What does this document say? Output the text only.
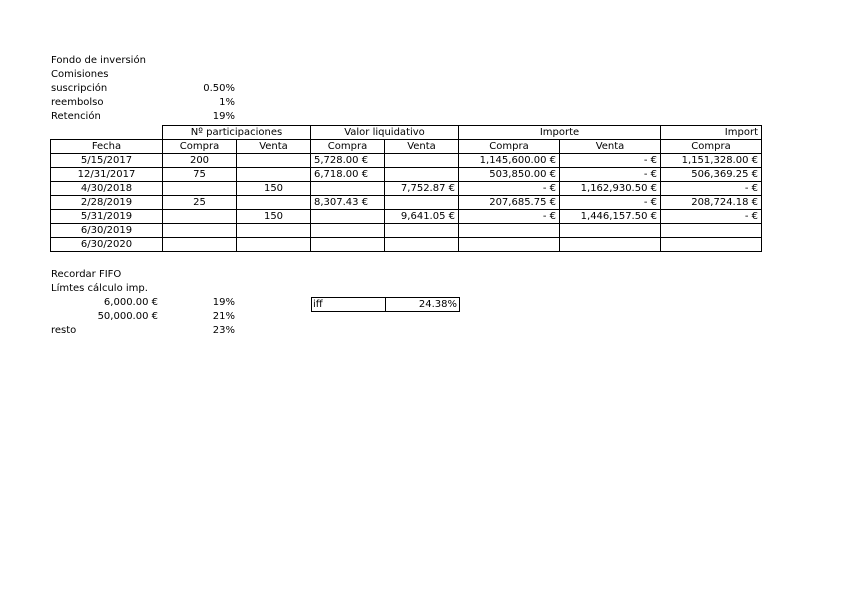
Fondo de inversión
Comisiones
suscripción	0.50%
reembolso	1%
Retención	19%
	Nº participaciones		Valor liquidativo		Importe		Import
Fecha	Compra	Venta	Compra	Venta	Compra	Venta	Compra
5/15/2017	200		5,728.00 €		1,145,600.00 €	- €	1,151,328.00 €
12/31/2017	75		6,718.00 €		503,850.00 €	- €	506,369.25 €
4/30/2018		150		7,752.87 €	- €	1,162,930.50 €	- €
2/28/2019	25		8,307.43 €		207,685.75 €	- €	208,724.18 €
5/31/2019		150		9,641.05 €	- €	1,446,157.50 €	- €
6/30/2019							
6/30/2020							
Recordar FIFO
Límtes cálculo imp.
6,000.00 €	19%
50,000.00 €	21%
resto	23%
iff	24.38%
